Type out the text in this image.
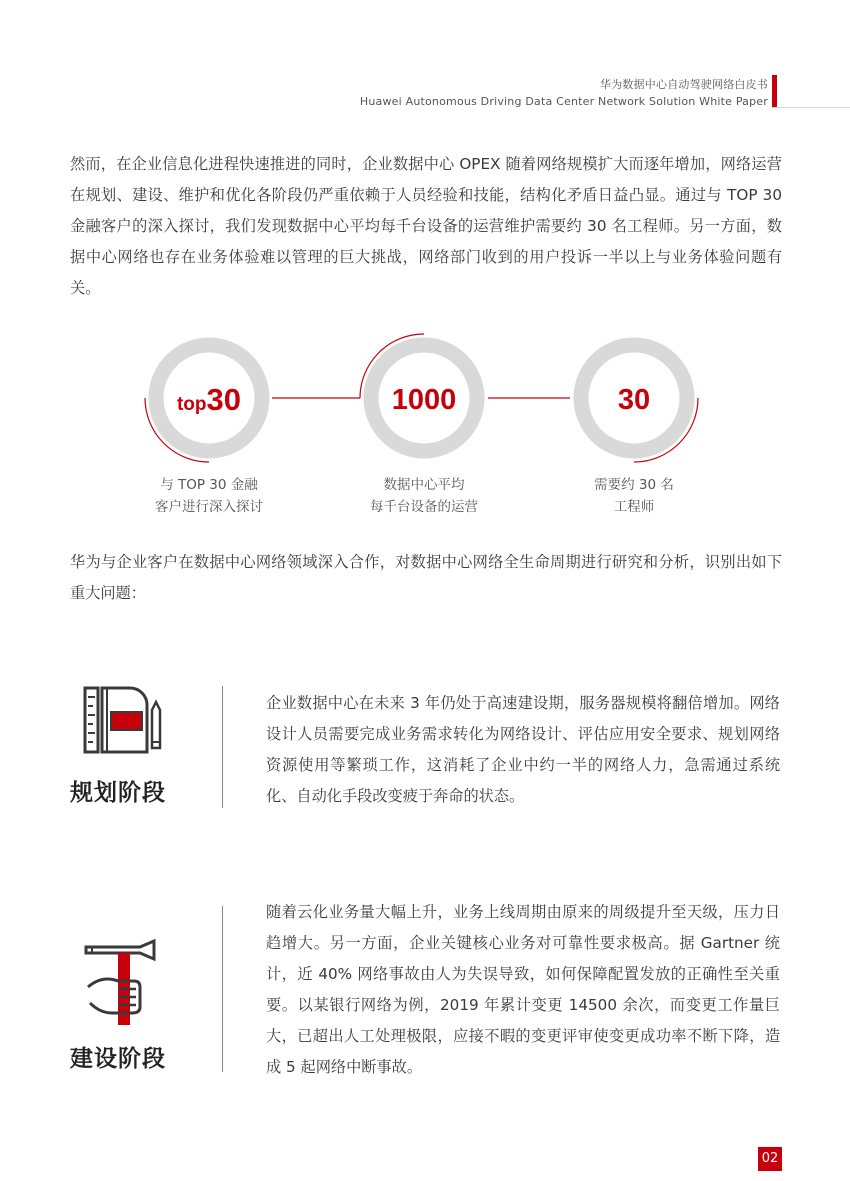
华为数据中心自动驾驶网络白皮书
Huawei Autonomous Driving Data Center Network Solution White Paper
然而，在企业信息化进程快速推进的同时，企业数据中心 OPEX 随着网络规模扩大而逐年增加，网络运营在规划、建设、维护和优化各阶段仍严重依赖于人员经验和技能，结构化矛盾日益凸显。通过与 TOP 30 金融客户的深入探讨，我们发现数据中心平均每千台设备的运营维护需要约 30 名工程师。另一方面，数据中心网络也存在业务体验难以管理的巨大挑战，网络部门收到的用户投诉一半以上与业务体验问题有关。
top30	1000	30
与 TOP 30 金融
客户进行深入探讨
数据中心平均
每千台设备的运营
需要约 30 名
工程师
华为与企业客户在数据中心网络领域深入合作，对数据中心网络全生命周期进行研究和分析，识别出如下重大问题：
规划阶段
企业数据中心在未来 3 年仍处于高速建设期，服务器规模将翻倍增加。网络设计人员需要完成业务需求转化为网络设计、评估应用安全要求、规划网络资源使用等繁琐工作，这消耗了企业中约一半的网络人力，急需通过系统化、自动化手段改变疲于奔命的状态。
建设阶段
随着云化业务量大幅上升，业务上线周期由原来的周级提升至天级，压力日趋增大。另一方面，企业关键核心业务对可靠性要求极高。据 Gartner 统计，近 40% 网络事故由人为失误导致，如何保障配置发放的正确性至关重要。以某银行网络为例，2019 年累计变更 14500 余次，而变更工作量巨大，已超出人工处理极限，应接不暇的变更评审使变更成功率不断下降，造成 5 起网络中断事故。
02
